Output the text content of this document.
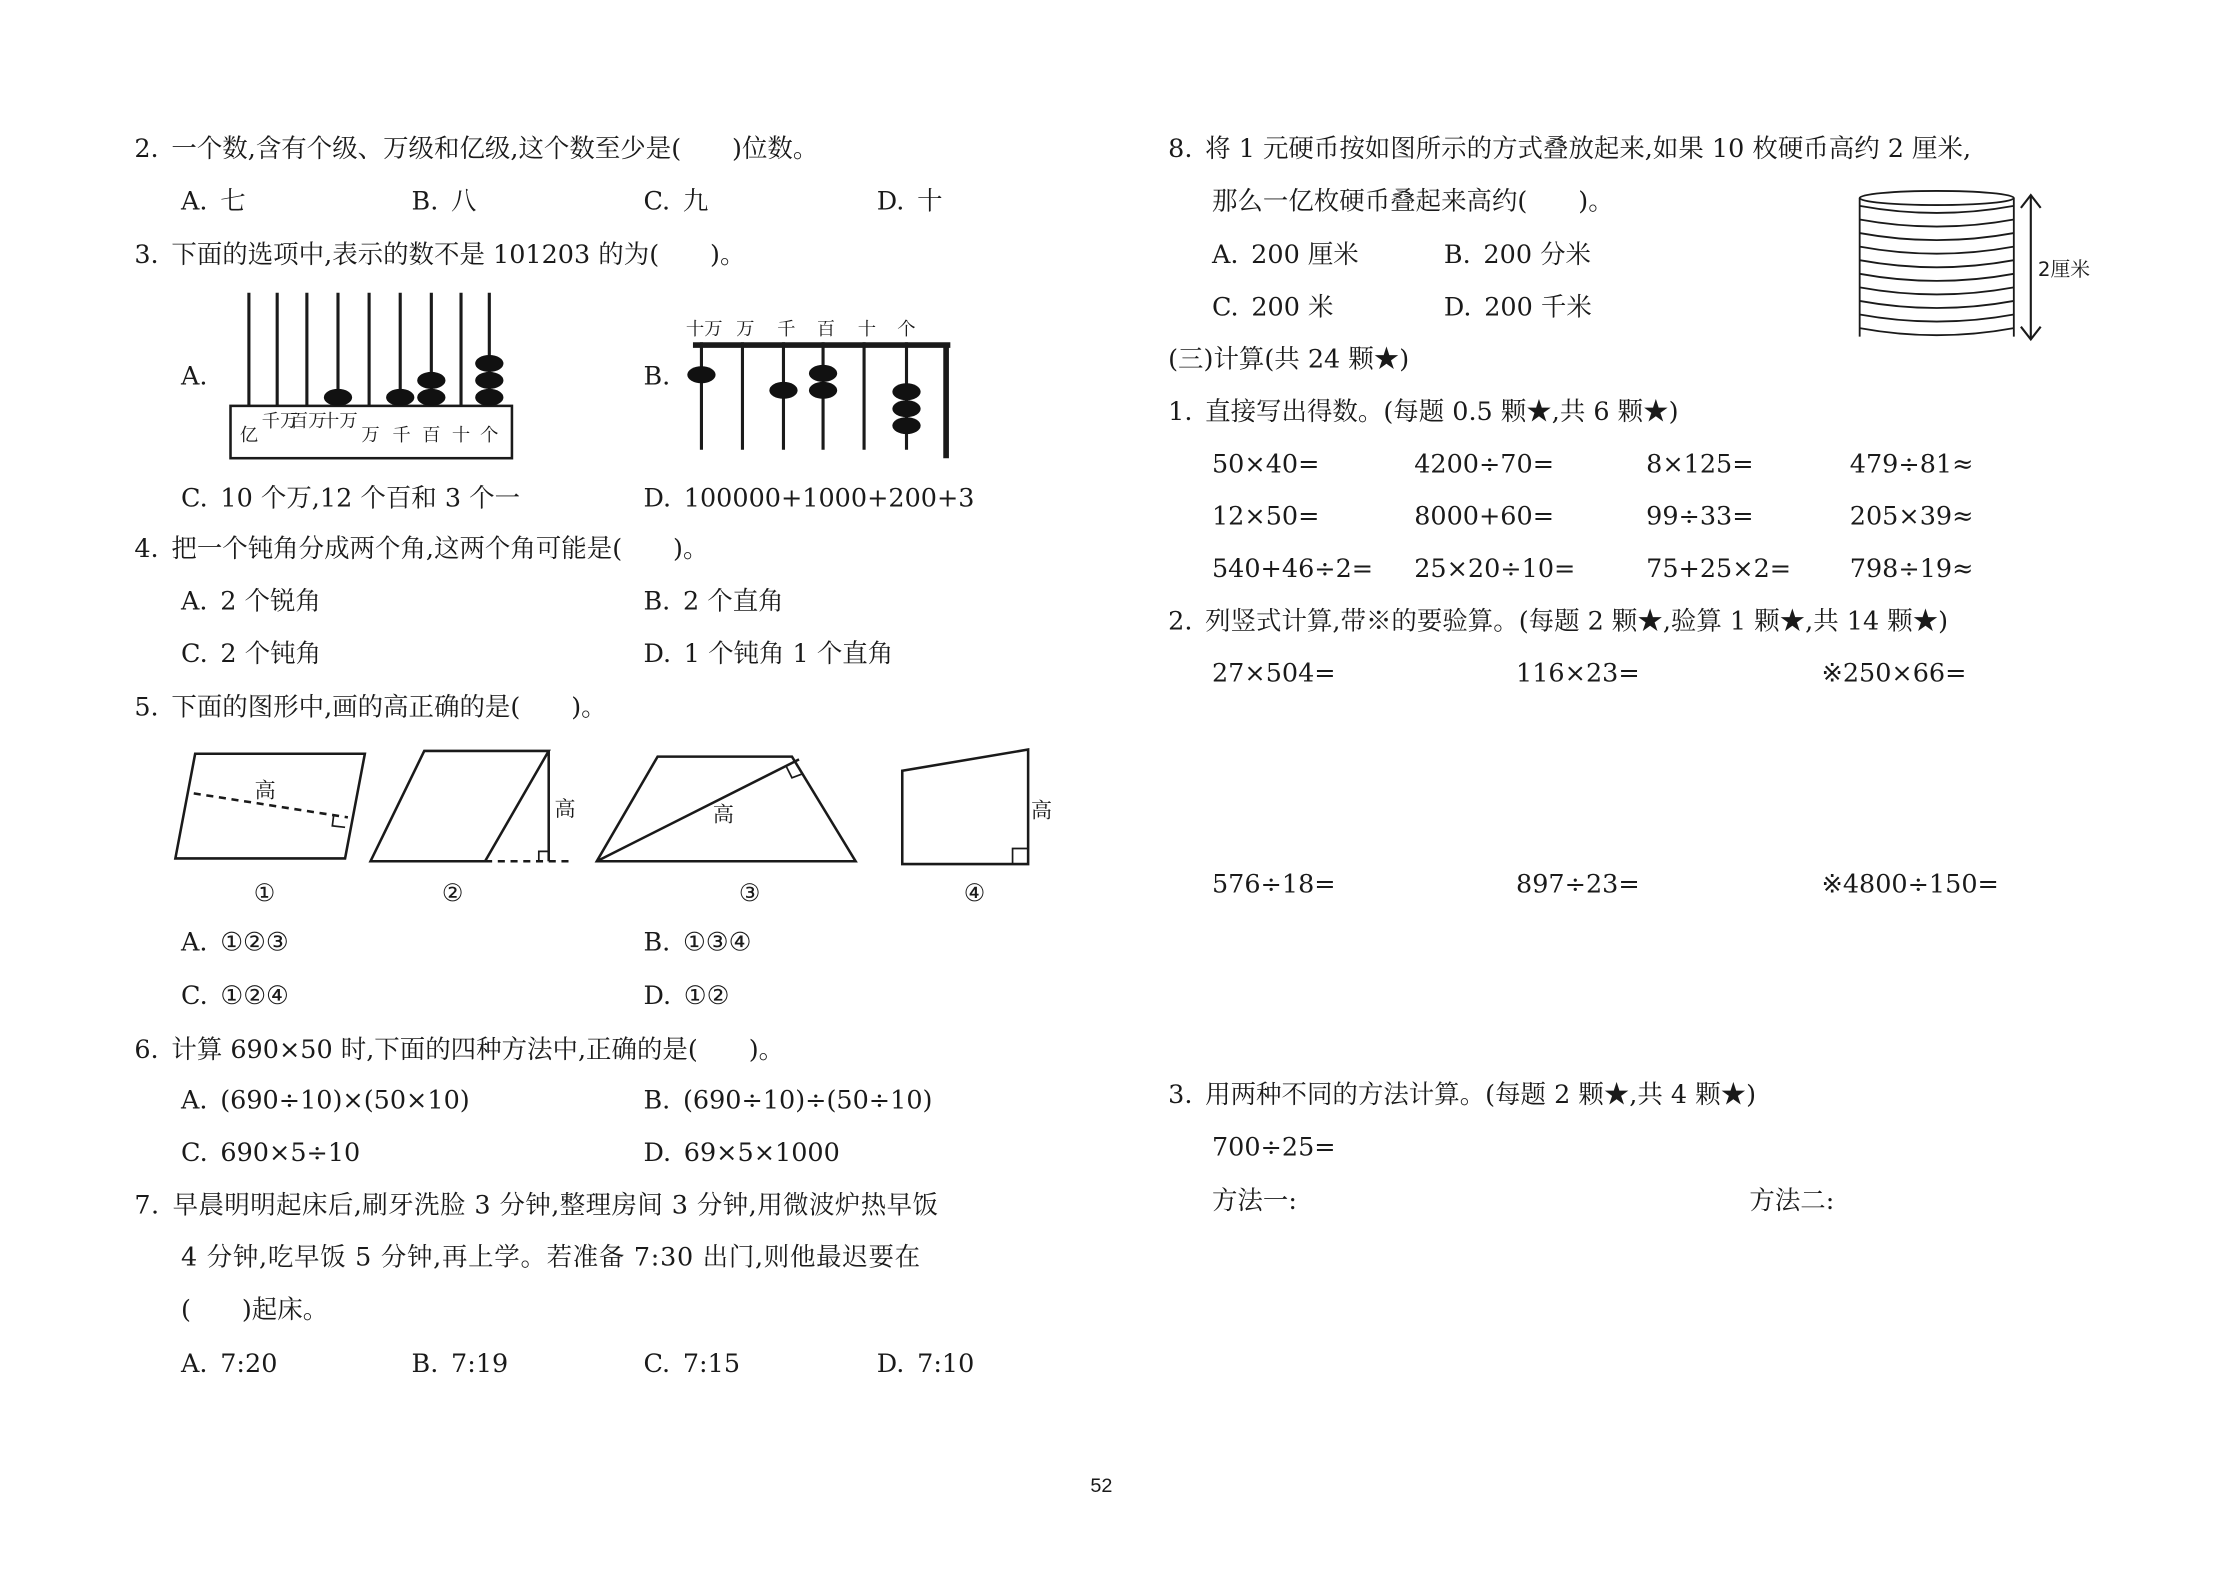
2. 一个数,含有个级、万级和亿级,这个数至少是(　　)位数。
A. 七	B. 八	C. 九	D. 十
3. 下面的选项中,表示的数不是 101203 的为(　　)。
A.
亿
千万
百万
十万
万 千 百 十 个
B.
十万 万 千 百 十 个
C. 10 个万,12 个百和 3 个一	D. 100000+1000+200+3
4. 把一个钝角分成两个角,这两个角可能是(　　)。
A. 2 个锐角	B. 2 个直角
C. 2 个钝角	D. 1 个钝角 1 个直角
5. 下面的图形中,画的高正确的是(　　)。
高
高	高	高
①	②	③	④
A. ①②③	B. ①③④
C. ①②④	D. ①②
6. 计算 690×50 时,下面的四种方法中,正确的是(　　)。
A. (690÷10)×(50×10)	B. (690÷10)÷(50÷10)
C. 690×5÷10	D. 69×5×1000
7. 早晨明明起床后,刷牙洗脸 3 分钟,整理房间 3 分钟,用微波炉热早饭
4 分钟,吃早饭 5 分钟,再上学。若准备 7:30 出门,则他最迟要在
(　　)起床。
A. 7:20	B. 7:19	C. 7:15	D. 7:10
8. 将 1 元硬币按如图所示的方式叠放起来,如果 10 枚硬币高约 2 厘米,
那么一亿枚硬币叠起来高约(　　)。
A. 200 厘米	B. 200 分米
C. 200 米	D. 200 千米
2厘米
(三)计算(共 24 颗★)
1. 直接写出得数。(每题 0.5 颗★,共 6 颗★)
50×40=	4200÷70=	8×125=	479÷81≈
12×50=	8000+60=	99÷33=	205×39≈
540+46÷2= 25×20÷10=	75+25×2=	798÷19≈
2. 列竖式计算,带※的要验算。(每题 2 颗★,验算 1 颗★,共 14 颗★)
27×504=	116×23=	※250×66=
576÷18=	897÷23=	※4800÷150=
3. 用两种不同的方法计算。(每题 2 颗★,共 4 颗★)
700÷25=
方法一:	方法二:
52
